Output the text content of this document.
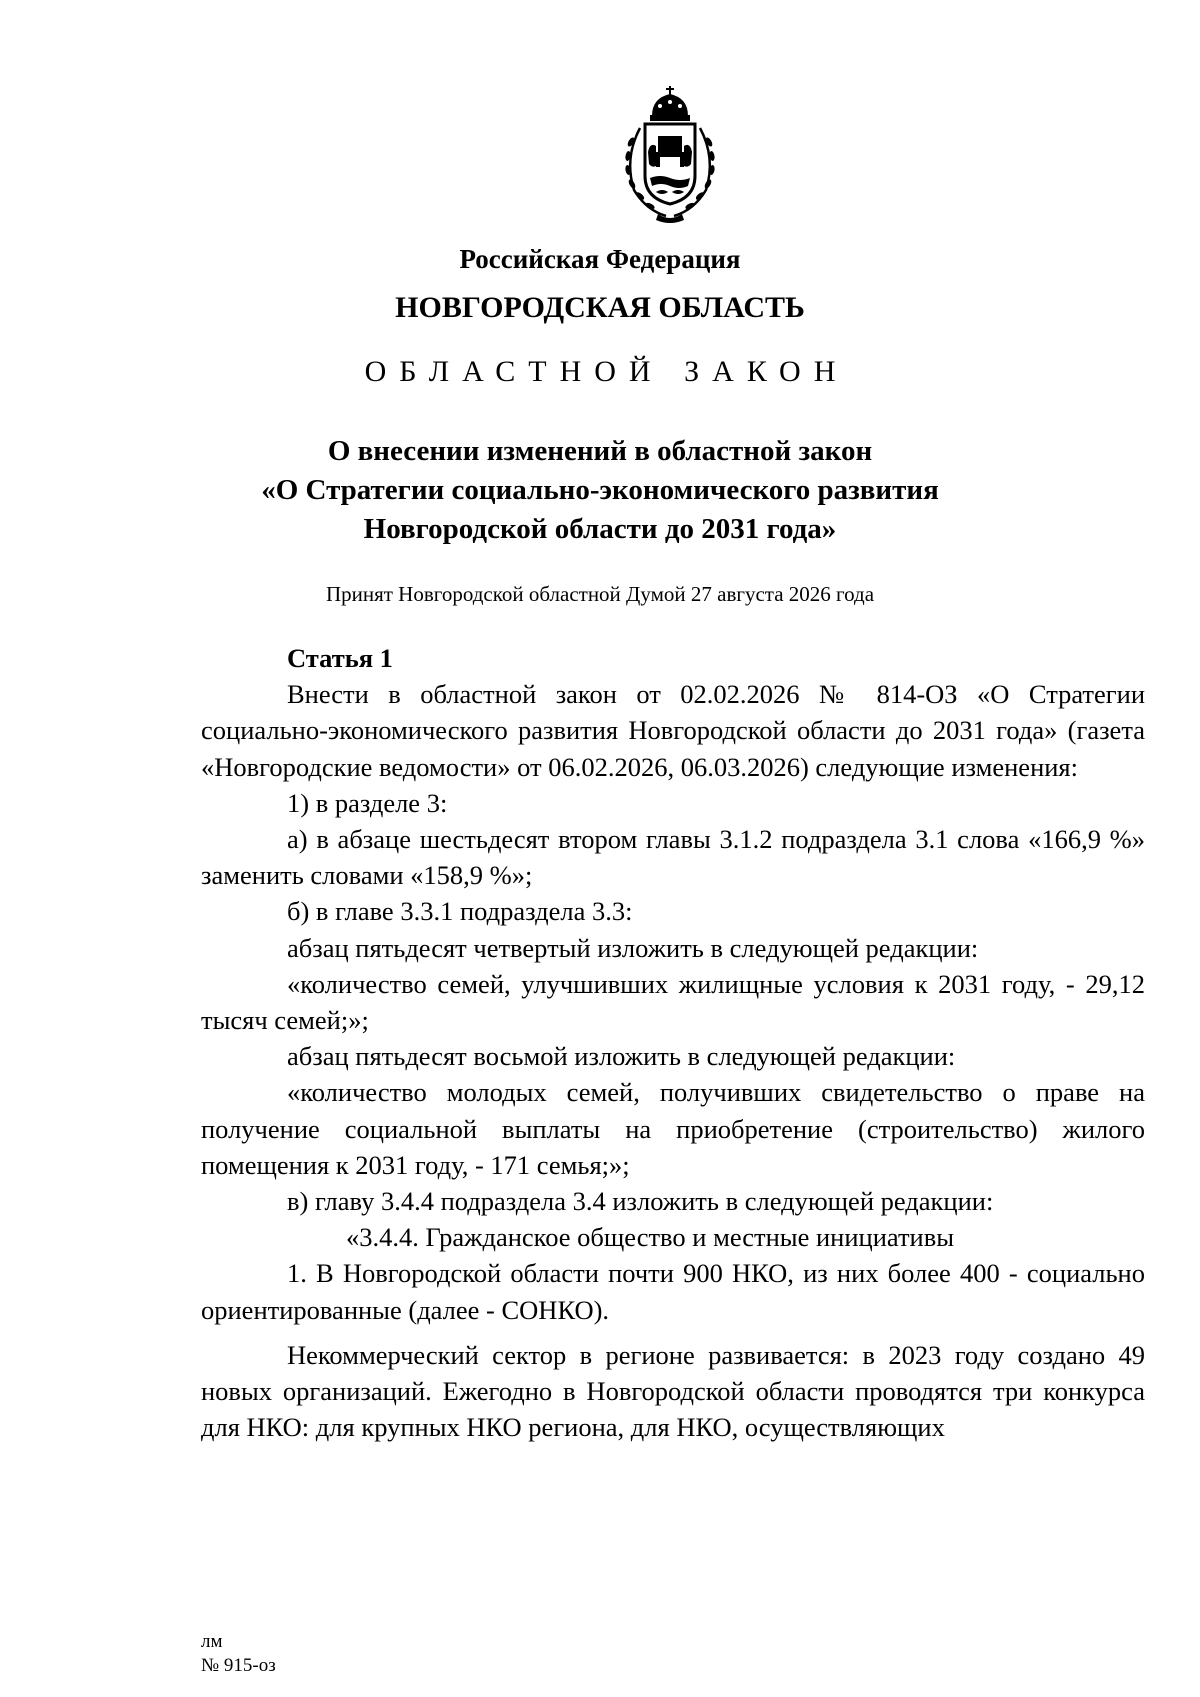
Российская Федерация
НОВГОРОДСКАЯ ОБЛАСТЬ
ОБЛАСТНОЙ ЗАКОН
О внесении изменений в областной закон
«О Стратегии социально-экономического развития
Новгородской области до 2031 года»
Принят Новгородской областной Думой 27 августа 2026 года

Статья 1

Внести в областной закон от 02.02.2026 № 814-ОЗ «О Стратегии социально-экономического развития Новгородской области до 2031 года» (газета «Новгородские ведомости» от 06.02.2026, 06.03.2026) следующие изменения:

1) в разделе 3:

а) в абзаце шестьдесят втором главы 3.1.2 подраздела 3.1 слова «166,9 %» заменить словами «158,9 %»;

б) в главе 3.3.1 подраздела 3.3:

абзац пятьдесят четвертый изложить в следующей редакции:

«количество семей, улучшивших жилищные условия к 2031 году, - 29,12 тысяч семей;»;

абзац пятьдесят восьмой изложить в следующей редакции:

«количество молодых семей, получивших свидетельство о праве на получение социальной выплаты на приобретение (строительство) жилого помещения к 2031 году, - 171 семья;»;

в) главу 3.4.4 подраздела 3.4 изложить в следующей редакции:

«3.4.4. Гражданское общество и местные инициативы

1. В Новгородской области почти 900 НКО, из них более 400 - социально ориентированные (далее - СОНКО).

Некоммерческий сектор в регионе развивается: в 2023 году создано 49 новых организаций. Ежегодно в Новгородской области проводятся три конкурса для НКО: для крупных НКО региона, для НКО, осуществляющих

лм
№ 915-оз
